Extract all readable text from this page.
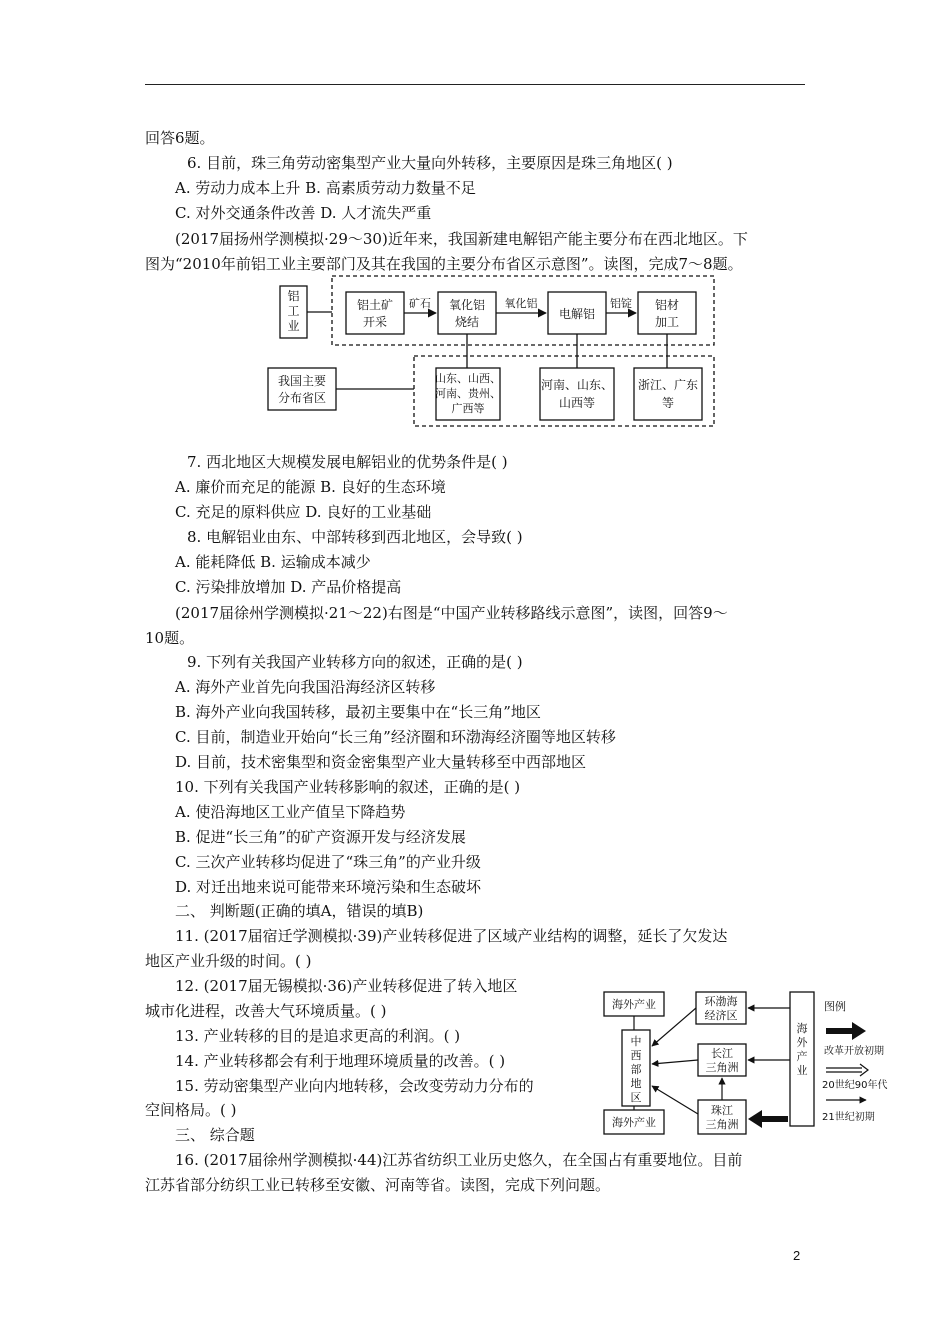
回答6题。
6. 目前，珠三角劳动密集型产业大量向外转移，主要原因是珠三角地区( )
A. 劳动力成本上升 B. 高素质劳动力数量不足
C. 对外交通条件改善 D. 人才流失严重
(2017届扬州学测模拟·29～30)近年来，我国新建电解铝产能主要分布在西北地区。下
图为“2010年前铝工业主要部门及其在我国的主要分布省区示意图”。读图，完成7～8题。
铝
工
业
铝土矿
开采
氧化铝
烧结
电解铝
铝材
加工
矿石	氧化铝	铝锭
我国主要
分布省区
山东、山西、
河南、贵州、
广西等
河南、山东、
山西等
浙江、广东
等
7. 西北地区大规模发展电解铝业的优势条件是( )
A. 廉价而充足的能源 B. 良好的生态环境
C. 充足的原料供应 D. 良好的工业基础
8. 电解铝业由东、中部转移到西北地区，会导致( )
A. 能耗降低 B. 运输成本减少
C. 污染排放增加 D. 产品价格提高
(2017届徐州学测模拟·21～22)右图是“中国产业转移路线示意图”，读图，回答9～
10题。
9. 下列有关我国产业转移方向的叙述，正确的是( )
A. 海外产业首先向我国沿海经济区转移
B. 海外产业向我国转移，最初主要集中在“长三角”地区
C. 目前，制造业开始向“长三角”经济圈和环渤海经济圈等地区转移
D. 目前，技术密集型和资金密集型产业大量转移至中西部地区
10. 下列有关我国产业转移影响的叙述，正确的是( )
A. 使沿海地区工业产值呈下降趋势
B. 促进“长三角”的矿产资源开发与经济发展
C. 三次产业转移均促进了“珠三角”的产业升级
D. 对迁出地来说可能带来环境污染和生态破坏
二、 判断题(正确的填A，错误的填B)
11. (2017届宿迁学测模拟·39)产业转移促进了区域产业结构的调整，延长了欠发达
地区产业升级的时间。( )
12. (2017届无锡模拟·36)产业转移促进了转入地区
城市化进程，改善大气环境质量。( )
13. 产业转移的目的是追求更高的利润。( )
14. 产业转移都会有利于地理环境质量的改善。( )
15. 劳动密集型产业向内地转移，会改变劳动力分布的
空间格局。( )
三、 综合题
16. (2017届徐州学测模拟·44)江苏省纺织工业历史悠久，在全国占有重要地位。目前
江苏省部分纺织工业已转移至安徽、河南等省。读图，完成下列问题。
海外产业
海外产业
中
西
部
地
区
环渤海
经济区
长江
三角洲
珠江
三角洲
海
外
产
业
图例
改革开放初期
20世纪90年代
21世纪初期
2
